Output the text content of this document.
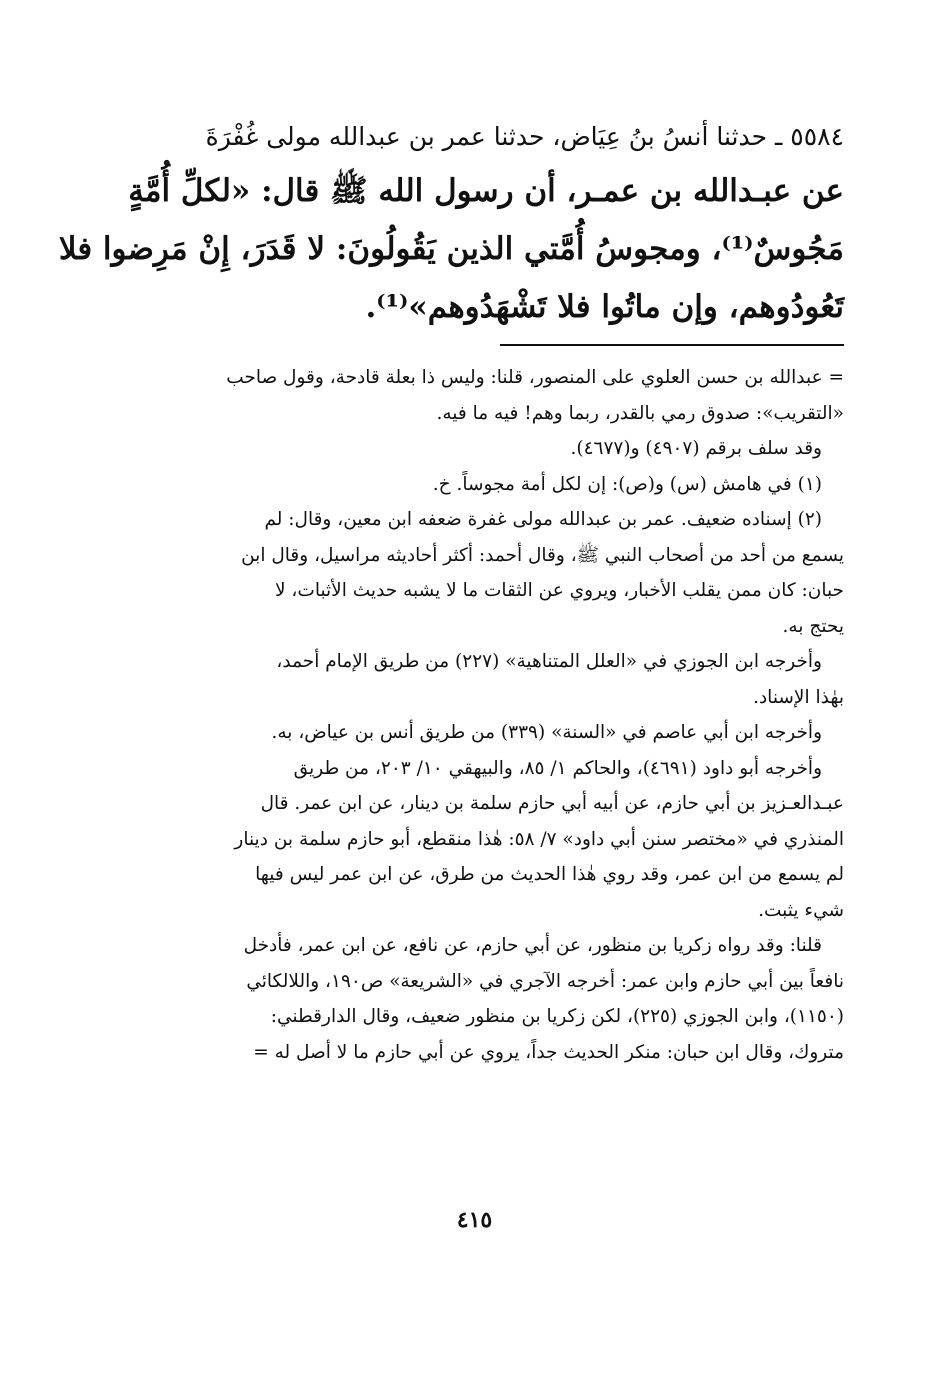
٥٥٨٤ ـ حدثنا أنسُ بنُ عِيَاض، حدثنا عمر بن عبدالله مولى غُفْرَةَ
عن عبـدالله بن عمـر، أن رسول الله ﷺ قال: «لكلِّ أُمَّةٍ
مَجُوسٌ⁽¹⁾، ومجوسُ أُمَّتي الذين يَقُولُونَ: لا قَدَرَ، إِنْ مَرِضوا فلا
تَعُودُوهم، وإن ماتُوا فلا تَشْهَدُوهم»⁽¹⁾.
= عبدالله بن حسن العلوي على المنصور، قلنا: وليس ذا بعلة قادحة، وقول صاحب
«التقريب»: صدوق رمي بالقدر، ربما وهم! فيه ما فيه.
وقد سلف برقم (٤٩٠٧) و(٤٦٧٧).
(١) في هامش (س) و(ص): إن لكل أمة مجوساً. خ.
(٢) إسناده ضعيف. عمر بن عبدالله مولى غفرة ضعفه ابن معين، وقال: لم
يسمع من أحد من أصحاب النبي ﷺ، وقال أحمد: أكثر أحاديثه مراسيل، وقال ابن
حبان: كان ممن يقلب الأخبار، ويروي عن الثقات ما لا يشبه حديث الأثبات، لا
يحتج به.
وأخرجه ابن الجوزي في «العلل المتناهية» (٢٢٧) من طريق الإمام أحمد،
بهٰذا الإسناد.
وأخرجه ابن أبي عاصم في «السنة» (٣٣٩) من طريق أنس بن عياض، به.
وأخرجه أبو داود (٤٦٩١)، والحاكم ١/ ٨٥، والبيهقي ١٠/ ٢٠٣، من طريق
عبـدالعـزيز بن أبي حازم، عن أبيه أبي حازم سلمة بن دينار، عن ابن عمر. قال
المنذري في «مختصر سنن أبي داود» ٧/ ٥٨: هٰذا منقطع، أبو حازم سلمة بن دينار
لم يسمع من ابن عمر، وقد روي هٰذا الحديث من طرق، عن ابن عمر ليس فيها
شيء يثبت.
قلنا: وقد رواه زكريا بن منظور، عن أبي حازم، عن نافع، عن ابن عمر، فأدخل
نافعاً بين أبي حازم وابن عمر: أخرجه الآجري في «الشريعة» ص١٩٠، واللالكائي
(١١٥٠)، وابن الجوزي (٢٢٥)، لكن زكريا بن منظور ضعيف، وقال الدارقطني:
متروك، وقال ابن حبان: منكر الحديث جداً، يروي عن أبي حازم ما لا أصل له =
٤١٥
